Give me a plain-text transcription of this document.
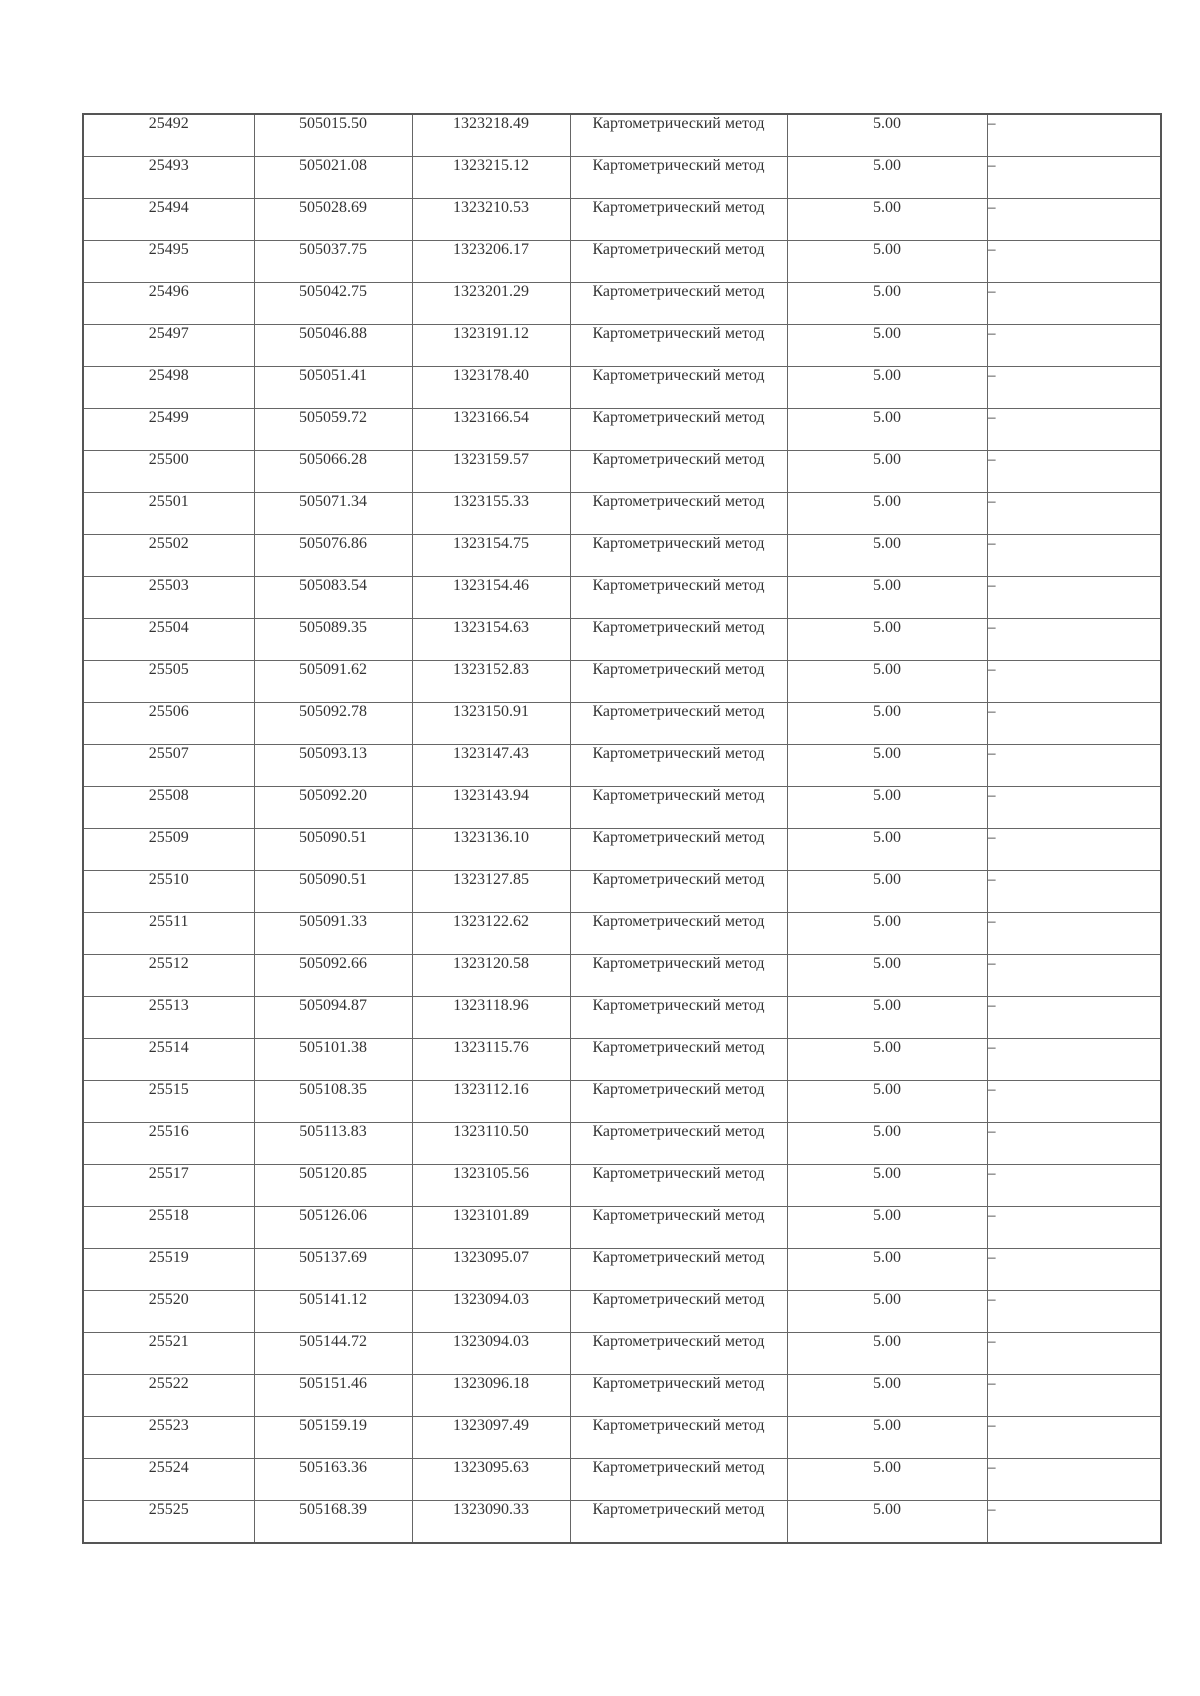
25492	505015.50	1323218.49	Картометрический метод	5.00	–
25493	505021.08	1323215.12	Картометрический метод	5.00	–
25494	505028.69	1323210.53	Картометрический метод	5.00	–
25495	505037.75	1323206.17	Картометрический метод	5.00	–
25496	505042.75	1323201.29	Картометрический метод	5.00	–
25497	505046.88	1323191.12	Картометрический метод	5.00	–
25498	505051.41	1323178.40	Картометрический метод	5.00	–
25499	505059.72	1323166.54	Картометрический метод	5.00	–
25500	505066.28	1323159.57	Картометрический метод	5.00	–
25501	505071.34	1323155.33	Картометрический метод	5.00	–
25502	505076.86	1323154.75	Картометрический метод	5.00	–
25503	505083.54	1323154.46	Картометрический метод	5.00	–
25504	505089.35	1323154.63	Картометрический метод	5.00	–
25505	505091.62	1323152.83	Картометрический метод	5.00	–
25506	505092.78	1323150.91	Картометрический метод	5.00	–
25507	505093.13	1323147.43	Картометрический метод	5.00	–
25508	505092.20	1323143.94	Картометрический метод	5.00	–
25509	505090.51	1323136.10	Картометрический метод	5.00	–
25510	505090.51	1323127.85	Картометрический метод	5.00	–
25511	505091.33	1323122.62	Картометрический метод	5.00	–
25512	505092.66	1323120.58	Картометрический метод	5.00	–
25513	505094.87	1323118.96	Картометрический метод	5.00	–
25514	505101.38	1323115.76	Картометрический метод	5.00	–
25515	505108.35	1323112.16	Картометрический метод	5.00	–
25516	505113.83	1323110.50	Картометрический метод	5.00	–
25517	505120.85	1323105.56	Картометрический метод	5.00	–
25518	505126.06	1323101.89	Картометрический метод	5.00	–
25519	505137.69	1323095.07	Картометрический метод	5.00	–
25520	505141.12	1323094.03	Картометрический метод	5.00	–
25521	505144.72	1323094.03	Картометрический метод	5.00	–
25522	505151.46	1323096.18	Картометрический метод	5.00	–
25523	505159.19	1323097.49	Картометрический метод	5.00	–
25524	505163.36	1323095.63	Картометрический метод	5.00	–
25525	505168.39	1323090.33	Картометрический метод	5.00	–
